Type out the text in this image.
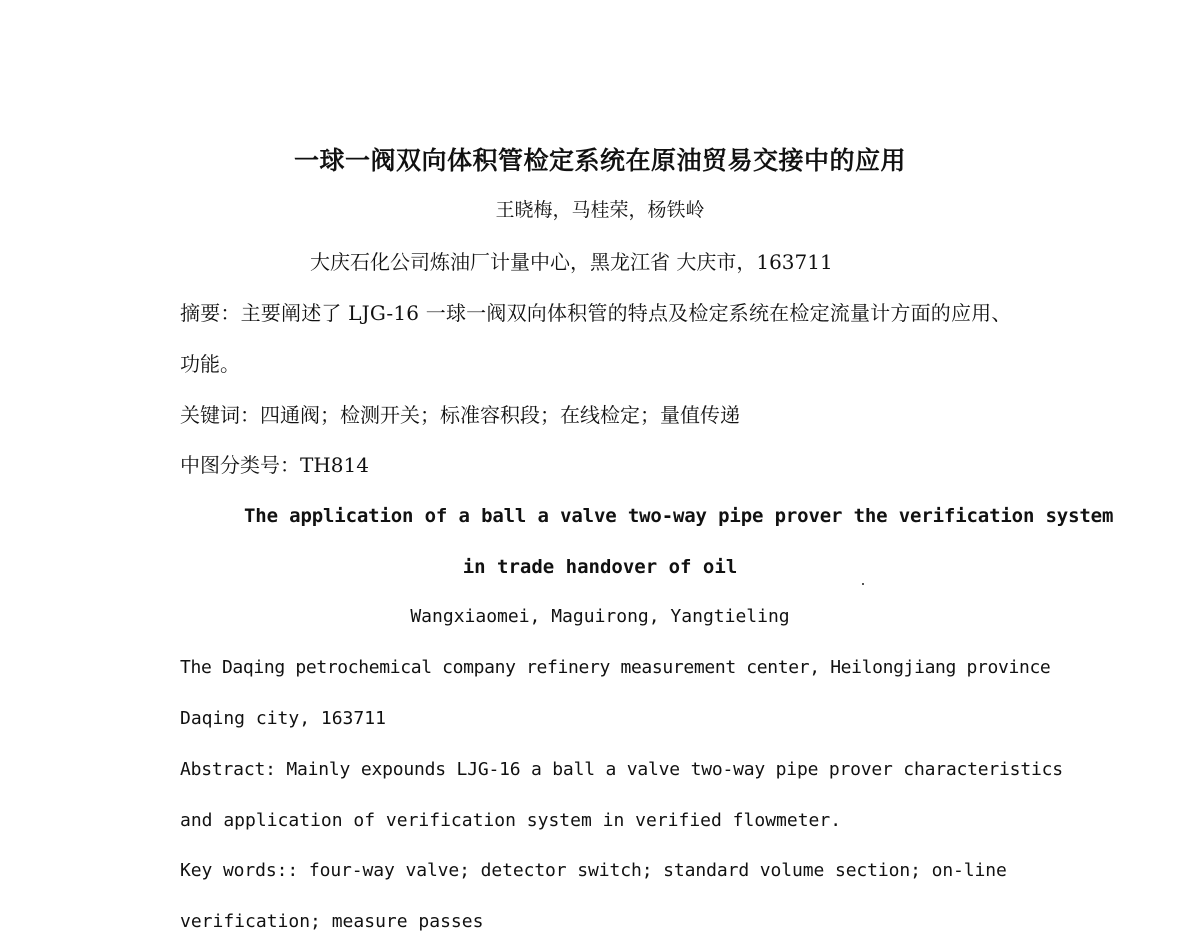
一球一阀双向体积管检定系统在原油贸易交接中的应用
王晓梅，马桂荣，杨铁岭
大庆石化公司炼油厂计量中心，黑龙江省 大庆市，163711
摘要：主要阐述了 LJG-16 一球一阀双向体积管的特点及检定系统在检定流量计方面的应用、
功能。
关键词：四通阀；检测开关；标准容积段；在线检定；量值传递
中图分类号：TH814
The application of a ball a valve two-way pipe prover the verification system
in trade handover of oil
Wangxiaomei, Maguirong, Yangtieling
The Daqing petrochemical company refinery measurement center, Heilongjiang province
Daqing city, 163711
Abstract: Mainly expounds LJG-16 a ball a valve two-way pipe prover characteristics
and application of verification system in verified flowmeter.
Key words:: four-way valve; detector switch; standard volume section; on-line
verification; measure passes
